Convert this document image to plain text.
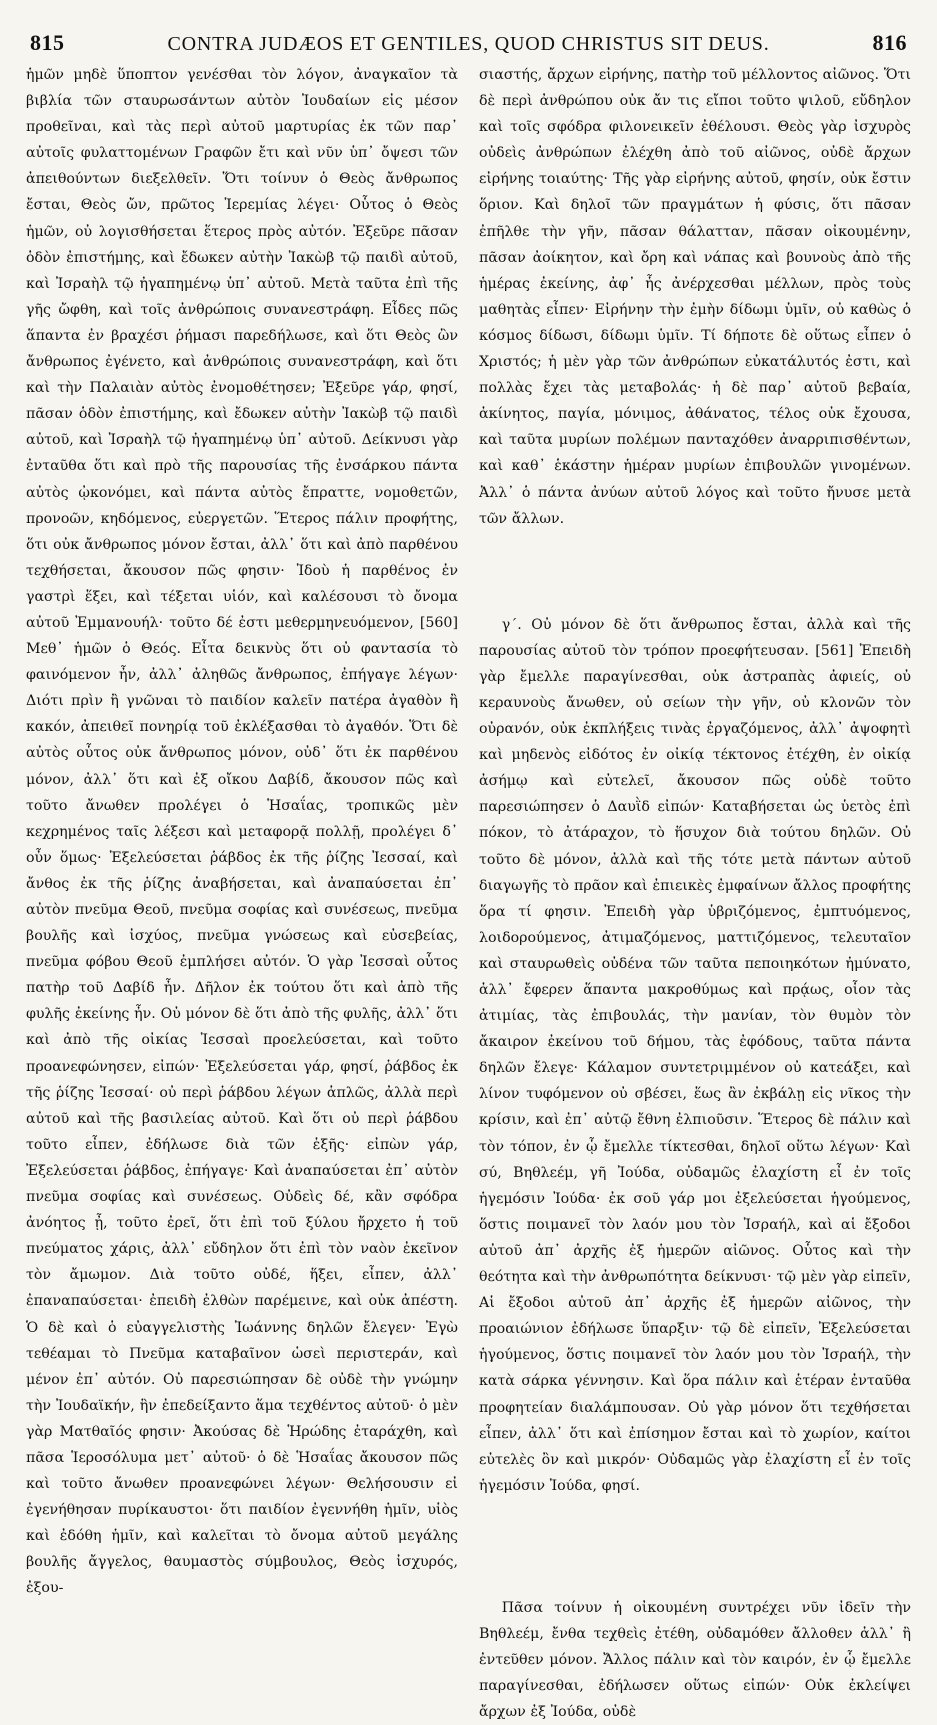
815	CONTRA JUDÆOS ET GENTILES, QUOD CHRISTUS SIT DEUS.	816

ἡμῶν μηδὲ ὕποπτον γενέσθαι τὸν λόγον, ἀναγκαῖον τὰ βιβλία τῶν σταυρωσάντων αὐτὸν Ἰουδαίων εἰς μέσον προθεῖναι, καὶ τὰς περὶ αὐτοῦ μαρτυρίας ἐκ τῶν παρ᾽ αὐτοῖς φυλαττομένων Γραφῶν ἔτι καὶ νῦν ὑπ᾽ ὄψεσι τῶν ἀπειθούντων διεξελθεῖν. Ὅτι τοίνυν ὁ Θεὸς ἄνθρωπος ἔσται, Θεὸς ὤν, πρῶτος Ἱερεμίας λέγει· Οὗτος ὁ Θεὸς ἡμῶν, οὐ λογισθήσεται ἕτερος πρὸς αὐτόν. Ἐξεῦρε πᾶσαν ὁδὸν ἐπιστήμης, καὶ ἔδωκεν αὐτὴν Ἰακὼβ τῷ παιδὶ αὐτοῦ, καὶ Ἰσραὴλ τῷ ἠγαπημένῳ ὑπ᾽ αὐτοῦ. Μετὰ ταῦτα ἐπὶ τῆς γῆς ὤφθη, καὶ τοῖς ἀνθρώποις συνανεστράφη. Εἶδες πῶς ἅπαντα ἐν βραχέσι ῥήμασι παρεδήλωσε, καὶ ὅτι Θεὸς ὢν ἄνθρωπος ἐγένετο, καὶ ἀνθρώποις συνανεστράφη, καὶ ὅτι καὶ τὴν Παλαιὰν αὐτὸς ἐνομοθέτησεν; Ἐξεῦρε γάρ, φησί, πᾶσαν ὁδὸν ἐπιστήμης, καὶ ἔδωκεν αὐτὴν Ἰακὼβ τῷ παιδὶ αὐτοῦ, καὶ Ἰσραὴλ τῷ ἠγαπημένῳ ὑπ᾽ αὐτοῦ. Δείκνυσι γὰρ ἐνταῦθα ὅτι καὶ πρὸ τῆς παρουσίας τῆς ἐνσάρκου πάντα αὐτὸς ᾠκονόμει, καὶ πάντα αὐτὸς ἔπραττε, νομοθετῶν, προνοῶν, κηδόμενος, εὐεργετῶν. Ἕτερος πάλιν προφήτης, ὅτι οὐκ ἄνθρωπος μόνον ἔσται, ἀλλ᾽ ὅτι καὶ ἀπὸ παρθένου τεχθήσεται, ἄκουσον πῶς φησιν· Ἰδοὺ ἡ παρθένος ἐν γαστρὶ ἕξει, καὶ τέξεται υἱόν, καὶ καλέσουσι τὸ ὄνομα αὐτοῦ Ἐμμανουήλ· τοῦτο δέ ἐστι μεθερμηνευόμενον, [560] Μεθ᾽ ἡμῶν ὁ Θεός. Εἶτα δεικνὺς ὅτι οὐ φαντασία τὸ φαινόμενον ἦν, ἀλλ᾽ ἀληθῶς ἄνθρωπος, ἐπήγαγε λέγων· Διότι πρὶν ἢ γνῶναι τὸ παιδίον καλεῖν πατέρα ἀγαθὸν ἢ κακόν, ἀπειθεῖ πονηρίᾳ τοῦ ἐκλέξασθαι τὸ ἀγαθόν. Ὅτι δὲ αὐτὸς οὗτος οὐκ ἄνθρωπος μόνον, οὐδ᾽ ὅτι ἐκ παρθένου μόνον, ἀλλ᾽ ὅτι καὶ ἐξ οἴκου Δαβίδ, ἄκουσον πῶς καὶ τοῦτο ἄνωθεν προλέγει ὁ Ἡσαΐας, τροπικῶς μὲν κεχρημένος ταῖς λέξεσι καὶ μεταφορᾷ πολλῇ, προλέγει δ᾽ οὖν ὅμως· Ἐξελεύσεται ῥάβδος ἐκ τῆς ῥίζης Ἰεσσαί, καὶ ἄνθος ἐκ τῆς ῥίζης ἀναβήσεται, καὶ ἀναπαύσεται ἐπ᾽ αὐτὸν πνεῦμα Θεοῦ, πνεῦμα σοφίας καὶ συνέσεως, πνεῦμα βουλῆς καὶ ἰσχύος, πνεῦμα γνώσεως καὶ εὐσεβείας, πνεῦμα φόβου Θεοῦ ἐμπλήσει αὐτόν. Ὁ γὰρ Ἰεσσαὶ οὗτος πατὴρ τοῦ Δαβίδ ἦν. Δῆλον ἐκ τούτου ὅτι καὶ ἀπὸ τῆς φυλῆς ἐκείνης ἦν. Οὐ μόνον δὲ ὅτι ἀπὸ τῆς φυλῆς, ἀλλ᾽ ὅτι καὶ ἀπὸ τῆς οἰκίας Ἰεσσαὶ προελεύσεται, καὶ τοῦτο προανεφώνησεν, εἰπών· Ἐξελεύσεται γάρ, φησί, ῥάβδος ἐκ τῆς ῥίζης Ἰεσσαί· οὐ περὶ ῥάβδου λέγων ἁπλῶς, ἀλλὰ περὶ αὐτοῦ καὶ τῆς βασιλείας αὐτοῦ. Καὶ ὅτι οὐ περὶ ῥάβδου τοῦτο εἶπεν, ἐδήλωσε διὰ τῶν ἑξῆς· εἰπὼν γάρ, Ἐξελεύσεται ῥάβδος, ἐπήγαγε· Καὶ ἀναπαύσεται ἐπ᾽ αὐτὸν πνεῦμα σοφίας καὶ συνέσεως. Οὐδεὶς δέ, κἂν σφόδρα ἀνόητος ᾖ, τοῦτο ἐρεῖ, ὅτι ἐπὶ τοῦ ξύλου ἤρχετο ἡ τοῦ πνεύματος χάρις, ἀλλ᾽ εὔδηλον ὅτι ἐπὶ τὸν ναὸν ἐκεῖνον τὸν ἄμωμον. Διὰ τοῦτο οὐδέ, ἥξει, εἶπεν, ἀλλ᾽ ἐπαναπαύσεται· ἐπειδὴ ἐλθὼν παρέμεινε, καὶ οὐκ ἀπέστη. Ὁ δὲ καὶ ὁ εὐαγγελιστὴς Ἰωάννης δηλῶν ἔλεγεν· Ἐγὼ τεθέαμαι τὸ Πνεῦμα καταβαῖνον ὡσεὶ περιστεράν, καὶ μένον ἐπ᾽ αὐτόν. Οὐ παρεσιώπησαν δὲ οὐδὲ τὴν γνώμην τὴν Ἰουδαϊκήν, ἣν ἐπεδείξαντο ἅμα τεχθέντος αὐτοῦ· ὁ μὲν γὰρ Ματθαῖός φησιν· Ἀκούσας δὲ Ἡρώδης ἐταράχθη, καὶ πᾶσα Ἱεροσόλυμα μετ᾽ αὐτοῦ· ὁ δὲ Ἡσαΐας ἄκουσον πῶς καὶ τοῦτο ἄνωθεν προανεφώνει λέγων· Θελήσουσιν εἰ ἐγενήθησαν πυρίκαυστοι· ὅτι παιδίον ἐγεννήθη ἡμῖν, υἱὸς καὶ ἐδόθη ἡμῖν, καὶ καλεῖται τὸ ὄνομα αὐτοῦ μεγάλης βουλῆς ἄγγελος, θαυμαστὸς σύμβουλος, Θεὸς ἰσχυρός, ἐξου-

σιαστής, ἄρχων εἰρήνης, πατὴρ τοῦ μέλλοντος αἰῶνος. Ὅτι δὲ περὶ ἀνθρώπου οὐκ ἄν τις εἴποι τοῦτο ψιλοῦ, εὔδηλον καὶ τοῖς σφόδρα φιλονεικεῖν ἐθέλουσι. Θεὸς γὰρ ἰσχυρὸς οὐδεὶς ἀνθρώπων ἐλέχθη ἀπὸ τοῦ αἰῶνος, οὐδὲ ἄρχων εἰρήνης τοιαύτης· Τῆς γὰρ εἰρήνης αὐτοῦ, φησίν, οὐκ ἔστιν ὅριον. Καὶ δηλοῖ τῶν πραγμάτων ἡ φύσις, ὅτι πᾶσαν ἐπῆλθε τὴν γῆν, πᾶσαν θάλατταν, πᾶσαν οἰκουμένην, πᾶσαν ἀοίκητον, καὶ ὄρη καὶ νάπας καὶ βουνοὺς ἀπὸ τῆς ἡμέρας ἐκείνης, ἀφ᾽ ἧς ἀνέρχεσθαι μέλλων, πρὸς τοὺς μαθητὰς εἶπεν· Εἰρήνην τὴν ἐμὴν δίδωμι ὑμῖν, οὐ καθὼς ὁ κόσμος δίδωσι, δίδωμι ὑμῖν. Τί δήποτε δὲ οὕτως εἶπεν ὁ Χριστός; ἡ μὲν γὰρ τῶν ἀνθρώπων εὐκατάλυτός ἐστι, καὶ πολλὰς ἔχει τὰς μεταβολάς· ἡ δὲ παρ᾽ αὐτοῦ βεβαία, ἀκίνητος, παγία, μόνιμος, ἀθάνατος, τέλος οὐκ ἔχουσα, καὶ ταῦτα μυρίων πολέμων πανταχόθεν ἀναρριπισθέντων, καὶ καθ᾽ ἑκάστην ἡμέραν μυρίων ἐπιβουλῶν γινομένων. Ἀλλ᾽ ὁ πάντα ἀνύων αὐτοῦ λόγος καὶ τοῦτο ἤνυσε μετὰ τῶν ἄλλων.

γ΄. Οὐ μόνον δὲ ὅτι ἄνθρωπος ἔσται, ἀλλὰ καὶ τῆς παρουσίας αὐτοῦ τὸν τρόπον προεφήτευσαν. [561] Ἐπειδὴ γὰρ ἔμελλε παραγίνεσθαι, οὐκ ἀστραπὰς ἀφιείς, οὐ κεραυνοὺς ἄνωθεν, οὐ σείων τὴν γῆν, οὐ κλονῶν τὸν οὐρανόν, οὐκ ἐκπλήξεις τινὰς ἐργαζόμενος, ἀλλ᾽ ἀψοφητὶ καὶ μηδενὸς εἰδότος ἐν οἰκίᾳ τέκτονος ἐτέχθη, ἐν οἰκίᾳ ἀσήμῳ καὶ εὐτελεῖ, ἄκουσον πῶς οὐδὲ τοῦτο παρεσιώπησεν ὁ Δαυῒδ εἰπών· Καταβήσεται ὡς ὑετὸς ἐπὶ πόκον, τὸ ἀτάραχον, τὸ ἥσυχον διὰ τούτου δηλῶν. Οὐ τοῦτο δὲ μόνον, ἀλλὰ καὶ τῆς τότε μετὰ πάντων αὐτοῦ διαγωγῆς τὸ πρᾶον καὶ ἐπιεικὲς ἐμφαίνων ἄλλος προφήτης ὅρα τί φησιν. Ἐπειδὴ γὰρ ὑβριζόμενος, ἐμπτυόμενος, λοιδορούμενος, ἀτιμαζόμενος, ματτιζόμενος, τελευταῖον καὶ σταυρωθεὶς οὐδένα τῶν ταῦτα πεποιηκότων ἠμύνατο, ἀλλ᾽ ἔφερεν ἅπαντα μακροθύμως καὶ πρᾴως, οἷον τὰς ἀτιμίας, τὰς ἐπιβουλάς, τὴν μανίαν, τὸν θυμὸν τὸν ἄκαιρον ἐκείνου τοῦ δήμου, τὰς ἐφόδους, ταῦτα πάντα δηλῶν ἔλεγε· Κάλαμον συντετριμμένον οὐ κατεάξει, καὶ λίνον τυφόμενον οὐ σβέσει, ἕως ἂν ἐκβάλῃ εἰς νῖκος τὴν κρίσιν, καὶ ἐπ᾽ αὐτῷ ἔθνη ἐλπιοῦσιν. Ἕτερος δὲ πάλιν καὶ τὸν τόπον, ἐν ᾧ ἔμελλε τίκτεσθαι, δηλοῖ οὕτω λέγων· Καὶ σύ, Βηθλεέμ, γῆ Ἰούδα, οὐδαμῶς ἐλαχίστη εἶ ἐν τοῖς ἡγεμόσιν Ἰούδα· ἐκ σοῦ γάρ μοι ἐξελεύσεται ἡγούμενος, ὅστις ποιμανεῖ τὸν λαόν μου τὸν Ἰσραήλ, καὶ αἱ ἔξοδοι αὐτοῦ ἀπ᾽ ἀρχῆς ἐξ ἡμερῶν αἰῶνος. Οὗτος καὶ τὴν θεότητα καὶ τὴν ἀνθρωπότητα δείκνυσι· τῷ μὲν γὰρ εἰπεῖν, Αἱ ἔξοδοι αὐτοῦ ἀπ᾽ ἀρχῆς ἐξ ἡμερῶν αἰῶνος, τὴν προαιώνιον ἐδήλωσε ὕπαρξιν· τῷ δὲ εἰπεῖν, Ἐξελεύσεται ἡγούμενος, ὅστις ποιμανεῖ τὸν λαόν μου τὸν Ἰσραήλ, τὴν κατὰ σάρκα γέννησιν. Καὶ ὅρα πάλιν καὶ ἑτέραν ἐνταῦθα προφητείαν διαλάμπουσαν. Οὐ γὰρ μόνον ὅτι τεχθήσεται εἶπεν, ἀλλ᾽ ὅτι καὶ ἐπίσημον ἔσται καὶ τὸ χωρίον, καίτοι εὐτελὲς ὂν καὶ μικρόν· Οὐδαμῶς γὰρ ἐλαχίστη εἶ ἐν τοῖς ἡγεμόσιν Ἰούδα, φησί.

Πᾶσα τοίνυν ἡ οἰκουμένη συντρέχει νῦν ἰδεῖν τὴν Βηθλεέμ, ἔνθα τεχθεὶς ἐτέθη, οὐδαμόθεν ἄλλοθεν ἀλλ᾽ ἢ ἐντεῦθεν μόνον. Ἄλλος πάλιν καὶ τὸν καιρόν, ἐν ᾧ ἔμελλε παραγίνεσθαι, ἐδήλωσεν οὕτως εἰπών· Οὐκ ἐκλείψει ἄρχων ἐξ Ἰούδα, οὐδὲ
